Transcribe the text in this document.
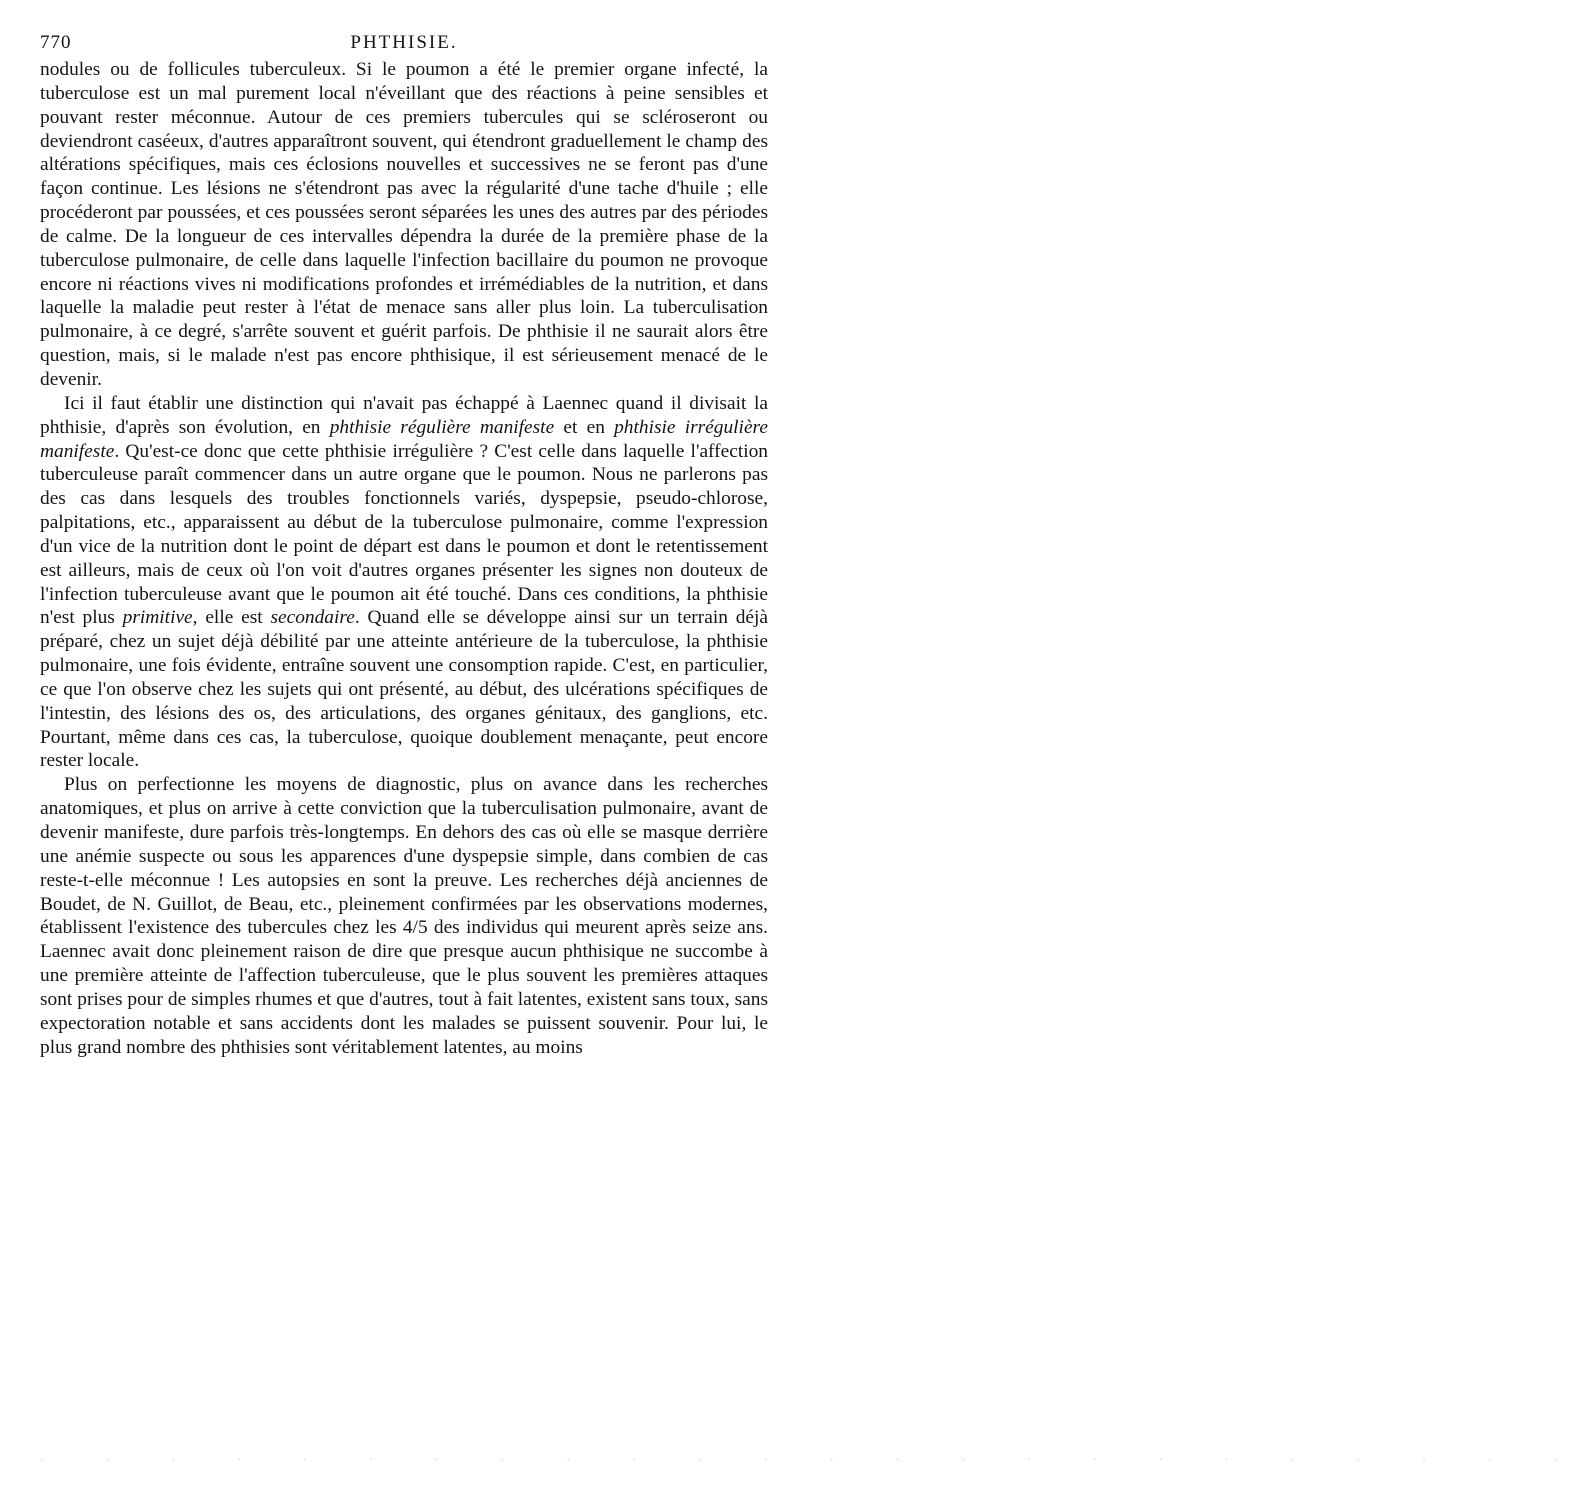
770	PHTHISIE.

nodules ou de follicules tuberculeux. Si le poumon a été le premier organe infecté, la tuberculose est un mal purement local n'éveillant que des réactions à peine sensibles et pouvant rester méconnue. Autour de ces premiers tubercules qui se scléroseront ou deviendront caséeux, d'autres apparaîtront souvent, qui étendront graduellement le champ des altérations spécifiques, mais ces éclosions nouvelles et successives ne se feront pas d'une façon continue. Les lésions ne s'étendront pas avec la régularité d'une tache d'huile ; elle procéderont par poussées, et ces poussées seront séparées les unes des autres par des périodes de calme. De la longueur de ces intervalles dépendra la durée de la première phase de la tuberculose pulmonaire, de celle dans laquelle l'infection bacillaire du poumon ne provoque encore ni réactions vives ni modifications profondes et irrémédiables de la nutrition, et dans laquelle la maladie peut rester à l'état de menace sans aller plus loin. La tuberculisation pulmonaire, à ce degré, s'arrête souvent et guérit parfois. De phthisie il ne saurait alors être question, mais, si le malade n'est pas encore phthisique, il est sérieusement menacé de le devenir.

Ici il faut établir une distinction qui n'avait pas échappé à Laennec quand il divisait la phthisie, d'après son évolution, en phthisie régulière manifeste et en phthisie irrégulière manifeste. Qu'est-ce donc que cette phthisie irrégulière ? C'est celle dans laquelle l'affection tuberculeuse paraît commencer dans un autre organe que le poumon. Nous ne parlerons pas des cas dans lesquels des troubles fonctionnels variés, dyspepsie, pseudo-chlorose, palpitations, etc., apparaissent au début de la tuberculose pulmonaire, comme l'expression d'un vice de la nutrition dont le point de départ est dans le poumon et dont le retentissement est ailleurs, mais de ceux où l'on voit d'autres organes présenter les signes non douteux de l'infection tuberculeuse avant que le poumon ait été touché. Dans ces conditions, la phthisie n'est plus primitive, elle est secondaire. Quand elle se développe ainsi sur un terrain déjà préparé, chez un sujet déjà débilité par une atteinte antérieure de la tuberculose, la phthisie pulmonaire, une fois évidente, entraîne souvent une consomption rapide. C'est, en particulier, ce que l'on observe chez les sujets qui ont présenté, au début, des ulcérations spécifiques de l'intestin, des lésions des os, des articulations, des organes génitaux, des ganglions, etc. Pourtant, même dans ces cas, la tuberculose, quoique doublement menaçante, peut encore rester locale.

Plus on perfectionne les moyens de diagnostic, plus on avance dans les recherches anatomiques, et plus on arrive à cette conviction que la tuberculisation pulmonaire, avant de devenir manifeste, dure parfois très-longtemps. En dehors des cas où elle se masque derrière une anémie suspecte ou sous les apparences d'une dyspepsie simple, dans combien de cas reste-t-elle méconnue ! Les autopsies en sont la preuve. Les recherches déjà anciennes de Boudet, de N. Guillot, de Beau, etc., pleinement confirmées par les observations modernes, établissent l'existence des tubercules chez les 4/5 des individus qui meurent après seize ans. Laennec avait donc pleinement raison de dire que presque aucun phthisique ne succombe à une première atteinte de l'affection tuberculeuse, que le plus souvent les premières attaques sont prises pour de simples rhumes et que d'autres, tout à fait latentes, existent sans toux, sans expectoration notable et sans accidents dont les malades se puissent souvenir. Pour lui, le plus grand nombre des phthisies sont véritablement latentes, au moins

· · · · · · · · · · · · · · · · · · · · · · · ·
